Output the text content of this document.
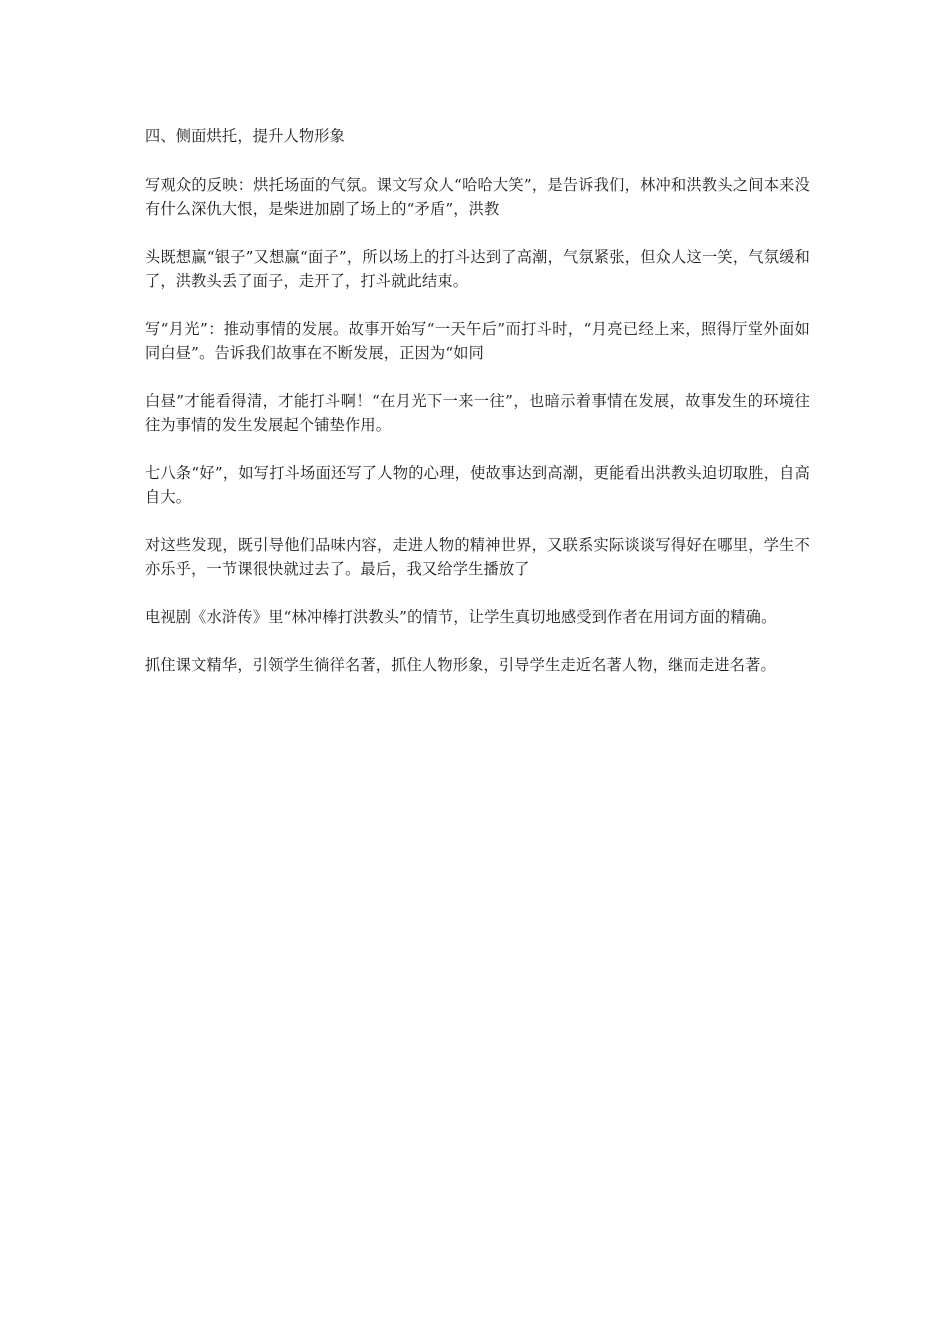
四、侧面烘托，提升人物形象

写观众的反映：烘托场面的气氛。课文写众人“哈哈大笑”，是告诉我们，林冲和洪教头之间本来没有什么深仇大恨，是柴进加剧了场上的“矛盾”，洪教

头既想赢“银子”又想赢“面子”，所以场上的打斗达到了高潮，气氛紧张，但众人这一笑，气氛缓和了，洪教头丢了面子，走开了，打斗就此结束。

写“月光”：推动事情的发展。故事开始写“一天午后”而打斗时，“月亮已经上来，照得厅堂外面如同白昼”。告诉我们故事在不断发展，正因为“如同

白昼”才能看得清，才能打斗啊！“在月光下一来一往”，也暗示着事情在发展，故事发生的环境往往为事情的发生发展起个铺垫作用。

七八条“好”，如写打斗场面还写了人物的心理，使故事达到高潮，更能看出洪教头迫切取胜，自高自大。

对这些发现，既引导他们品味内容，走进人物的精神世界，又联系实际谈谈写得好在哪里，学生不亦乐乎，一节课很快就过去了。最后，我又给学生播放了

电视剧《水浒传》里“林冲棒打洪教头”的情节，让学生真切地感受到作者在用词方面的精确。

抓住课文精华，引领学生徜徉名著，抓住人物形象，引导学生走近名著人物，继而走进名著。
